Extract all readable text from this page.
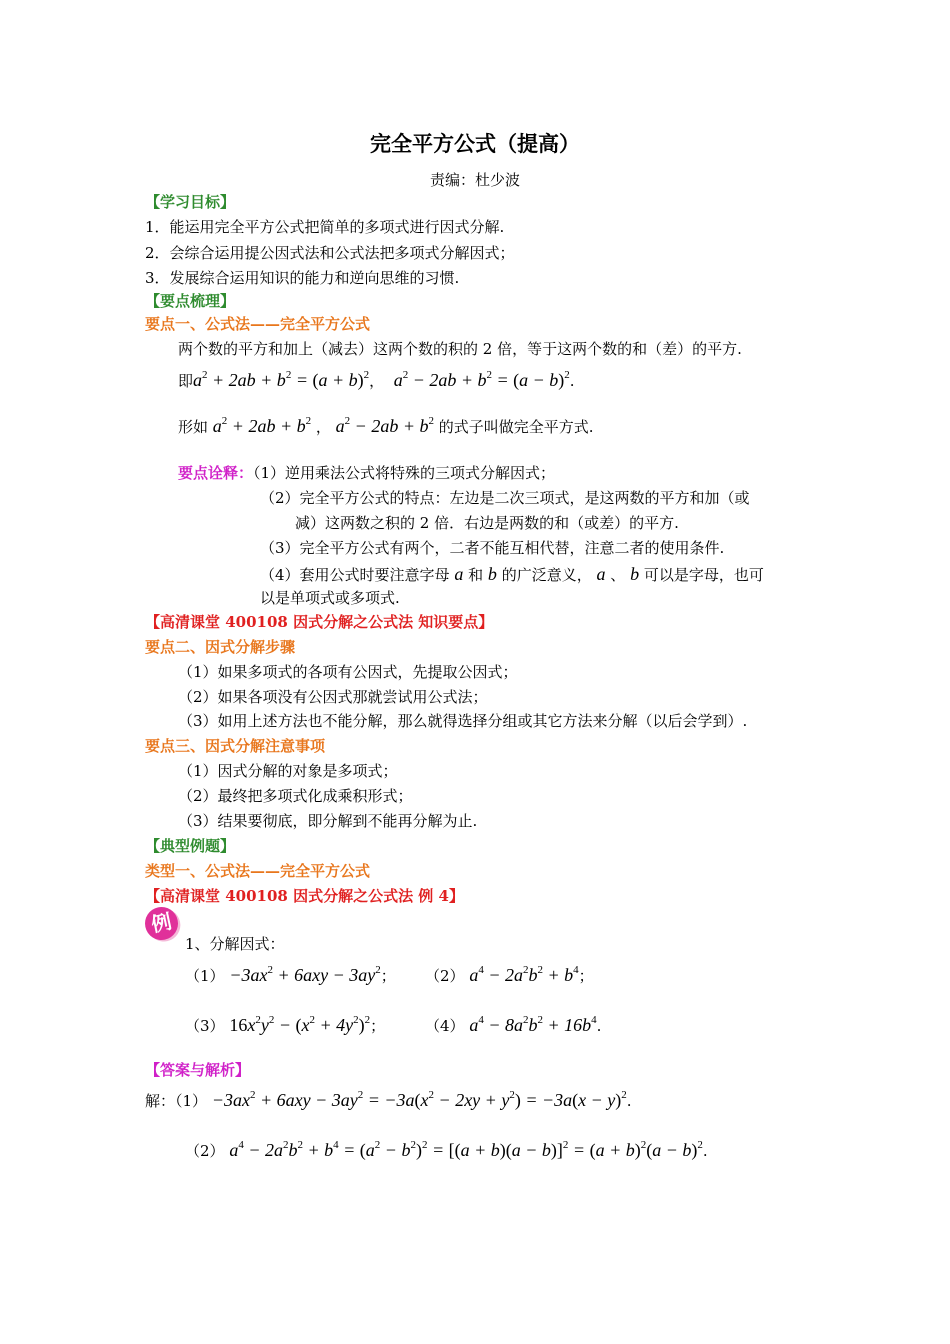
完全平方公式（提高）
责编：杜少波
【学习目标】
1．能运用完全平方公式把简单的多项式进行因式分解.
2．会综合运用提公因式法和公式法把多项式分解因式；
3．发展综合运用知识的能力和逆向思维的习惯.
【要点梳理】
要点一、公式法——完全平方公式
两个数的平方和加上（减去）这两个数的积的 2 倍，等于这两个数的和（差）的平方.
即$a^2 + 2ab + b^2 = (a + b)^2$， $a^2 - 2ab + b^2 = (a - b)^2$.
形如 $a^2 + 2ab + b^2$ ， $a^2 - 2ab + b^2$ 的式子叫做完全平方式.
要点诠释：（1）逆用乘法公式将特殊的三项式分解因式；
（2）完全平方公式的特点：左边是二次三项式，是这两数的平方和加（或
减）这两数之积的 2 倍．右边是两数的和（或差）的平方.
（3）完全平方公式有两个，二者不能互相代替，注意二者的使用条件.
（4）套用公式时要注意字母 a 和 b 的广泛意义， a 、 b 可以是字母，也可
以是单项式或多项式.
【高清课堂 400108 因式分解之公式法 知识要点】
要点二、因式分解步骤
（1）如果多项式的各项有公因式，先提取公因式；
（2）如果各项没有公因式那就尝试用公式法；
（3）如用上述方法也不能分解，那么就得选择分组或其它方法来分解（以后会学到）.
要点三、因式分解注意事项
（1）因式分解的对象是多项式；
（2）最终把多项式化成乘积形式；
（3）结果要彻底，即分解到不能再分解为止.
【典型例题】
类型一、公式法——完全平方公式
【高清课堂 400108 因式分解之公式法 例 4】
例
1、分解因式：
$(1) -3ax^2 + 6axy - 3ay^2$； （2） $a^4 - 2a^2b^2 + b^4$；
（3） $16x^2y^2 - (x^2 + 4y^2)^2$；	（4） $a^4 - 8a^2b^2 + 16b^4$.
【答案与解析】
解：$(1) -3ax^2 + 6axy - 3ay^2 = -3a(x^2 - 2xy + y^2) = -3a(x - y)^2$.
（2） $a^4 - 2a^2b^2 + b^4 = (a^2 - b^2)^2 = [(a + b)(a - b)]^2 = (a + b)^2(a - b)^2$.
